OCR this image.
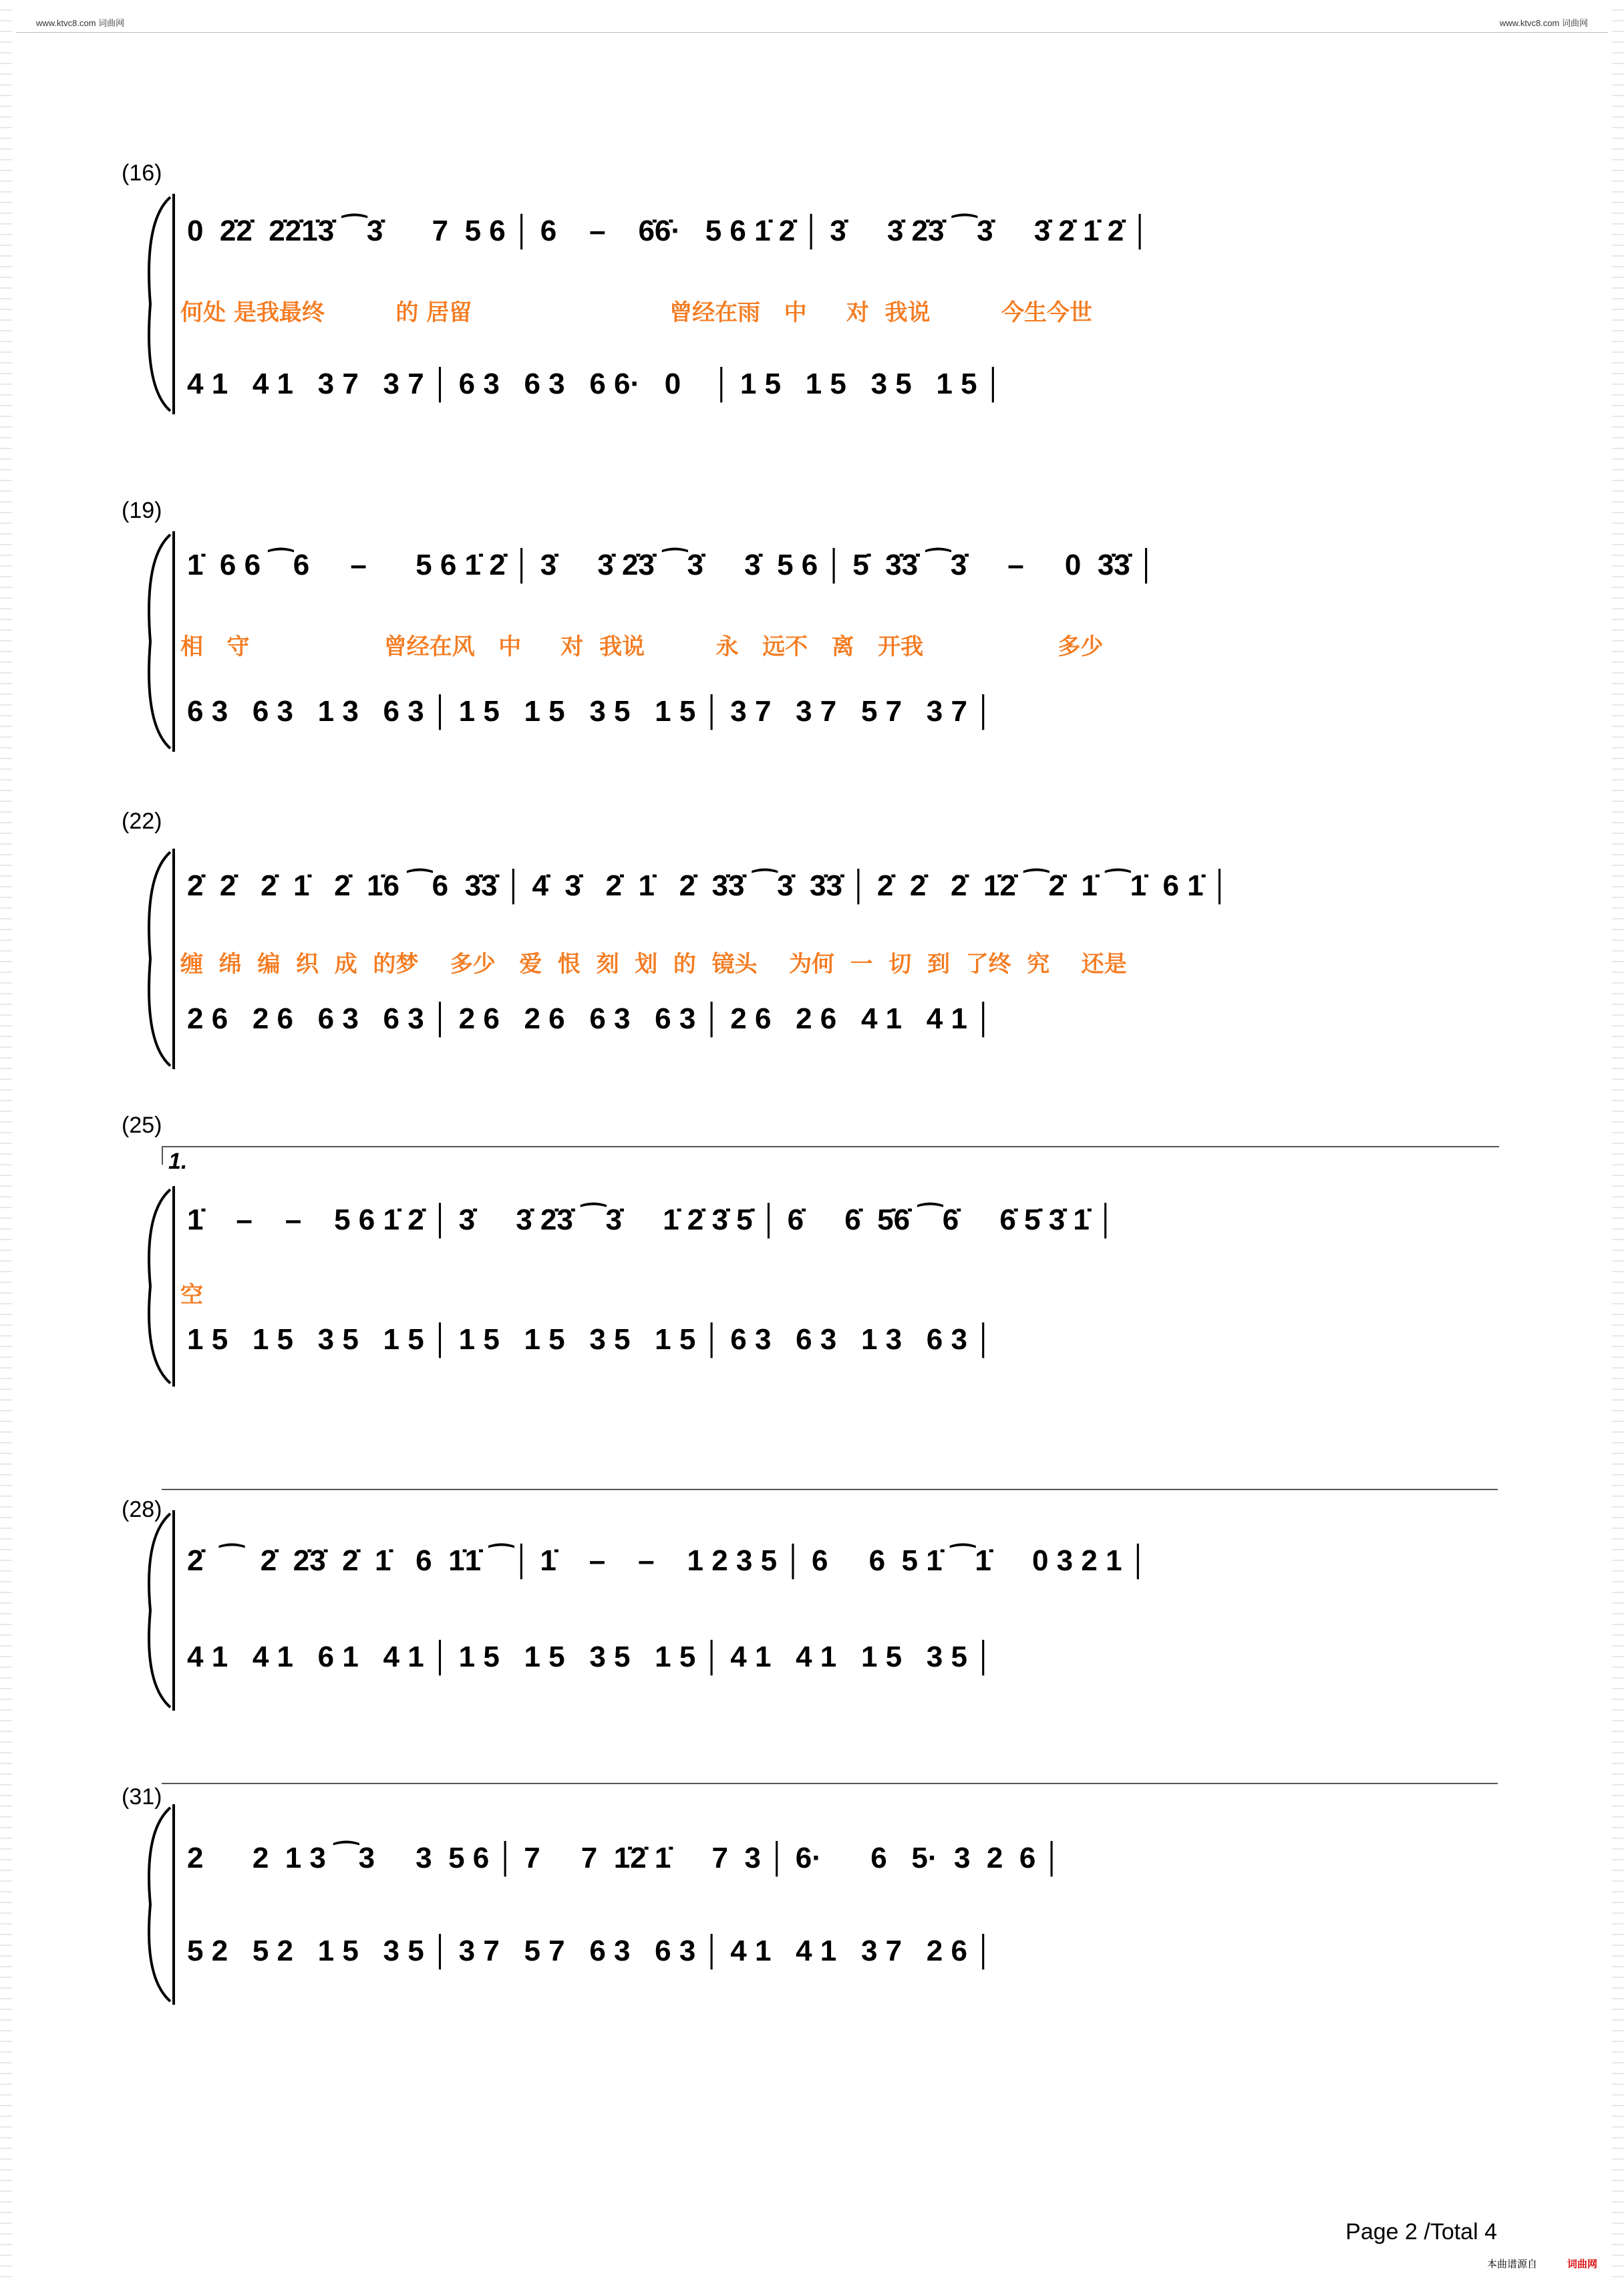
www.ktvc8.com 词曲网	www.ktvc8.com 词曲网
(16)
0  2̇2̇  2̇2̇1̇3̇ ⁀3̇      7  5 6 │ 6    –    6̇6̇·   5 6 1̇ 2̇ │ 3̇     3̇ 2̇3̇ ⁀3̇     3̇ 2̇ 1̇ 2̇ │
何处 是我最终         的 居留                         曾经在雨   中     对  我说         今生今世
4 1   4 1   3 7   3 7 │ 6 3   6 3   6 6·   0    │ 1 5   1 5   3 5   1 5 │
(19)
1̇  6 6 ⁀6     –      5 6 1̇ 2̇ │ 3̇     3̇ 2̇3̇ ⁀3̇     3̇  5 6 │ 5̇  3̇3̇ ⁀3̇     –     0  3̇3̇ │
相   守                 曾经在风   中     对  我说         永   远不   离   开我                 多少
6 3   6 3   1 3   6 3 │ 1 5   1 5   3 5   1 5 │ 3 7   3 7   5 7   3 7 │
(22)
2̇  2̇   2̇  1̇   2̇  1̇6 ⁀6  3̇3̇ │ 4̇  3̇   2̇  1̇   2̇  3̇3̇ ⁀3̇  3̇3̇ │ 2̇  2̇   2̇  1̇2̇ ⁀2̇  1̇ ⁀1̇  6 1̇ │
缠  绵  编  织  成  的梦    多少   爱  恨  刻  划  的  镜头    为何  一  切  到  了终  究    还是
2 6   2 6   6 3   6 3 │ 2 6   2 6   6 3   6 3 │ 2 6   2 6   4 1   4 1 │
(25)
1.
1̇    –    –    5 6 1̇ 2̇ │ 3̇     3̇ 2̇3̇ ⁀3̇     1̇ 2̇ 3̇ 5̇ │ 6̇     6̇  5̇6̇ ⁀6̇     6̇ 5̇ 3̇ 1̇ │
空
1 5   1 5   3 5   1 5 │ 1 5   1 5   3 5   1 5 │ 6 3   6 3   1 3   6 3 │
(28)
2̇  ⁀  2̇  2̇3̇  2̇  1̇   6  1̇1̇ ⁀│ 1̇    –    –    1 2 3 5 │ 6     6  5 1̇ ⁀1̇     0 3 2 1 │
4 1   4 1   6 1   4 1 │ 1 5   1 5   3 5   1 5 │ 4 1   4 1   1 5   3 5 │
(31)
2      2  1 3 ⁀3     3  5 6 │ 7     7  1̇2̇ 1̇     7  3 │ 6·      6   5·  3  2  6 │
5 2   5 2   1 5   3 5 │ 3 7   5 7   6 3   6 3 │ 4 1   4 1   3 7   2 6 │
Page 2 /Total 4
本曲谱源自	词曲网
